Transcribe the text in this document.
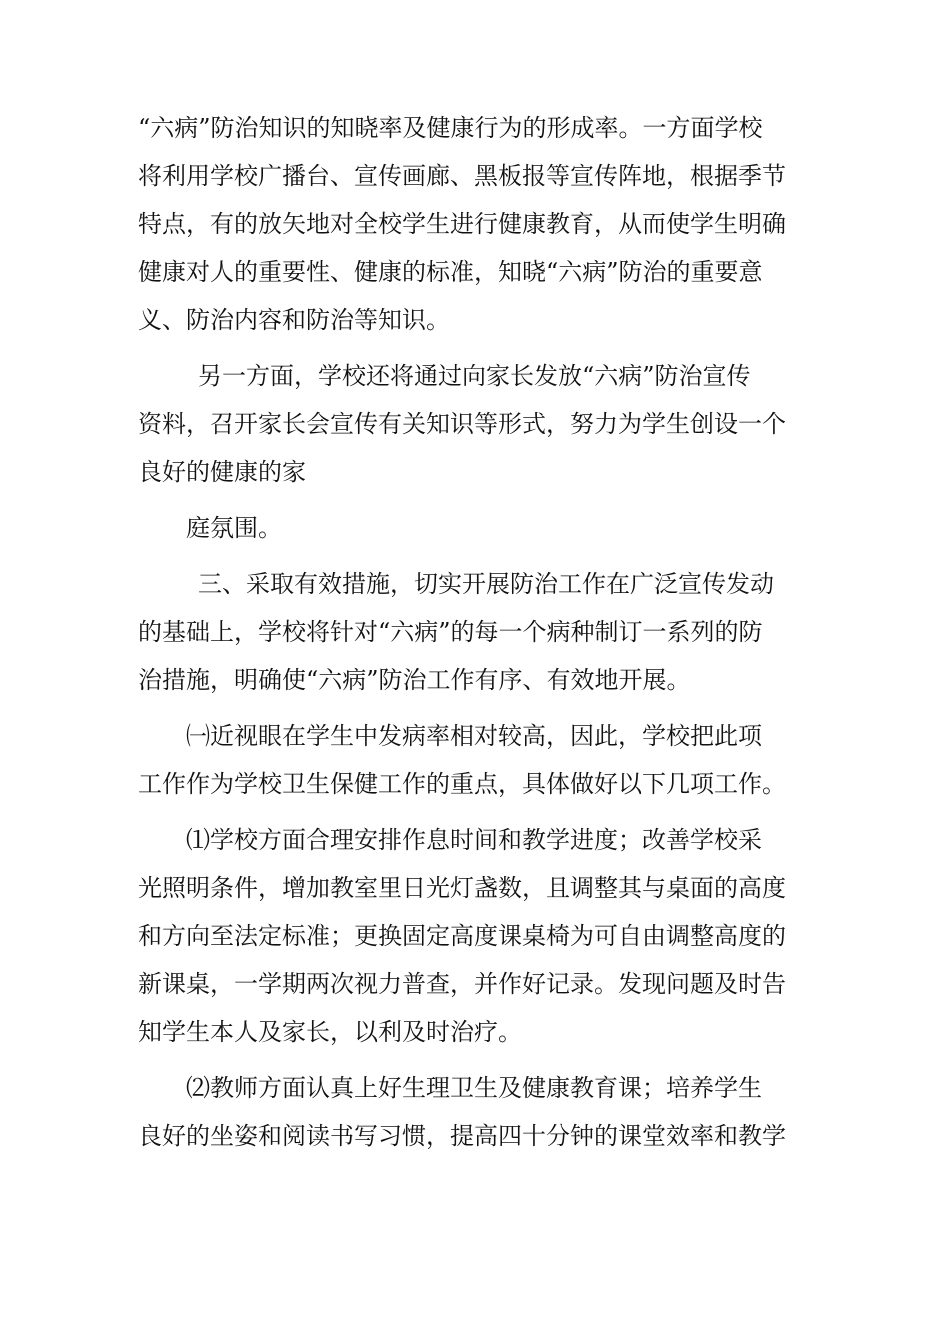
“六病”防治知识的知晓率及健康行为的形成率。一方面学校
将利用学校广播台、宣传画廊、黑板报等宣传阵地，根据季节
特点，有的放矢地对全校学生进行健康教育，从而使学生明确
健康对人的重要性、健康的标准，知晓“六病”防治的重要意
义、防治内容和防治等知识。
另一方面，学校还将通过向家长发放“六病”防治宣传
资料，召开家长会宣传有关知识等形式，努力为学生创设一个
良好的健康的家
庭氛围。
三、采取有效措施，切实开展防治工作在广泛宣传发动
的基础上，学校将针对“六病”的每一个病种制订一系列的防
治措施，明确使“六病”防治工作有序、有效地开展。
㈠近视眼在学生中发病率相对较高，因此，学校把此项
工作作为学校卫生保健工作的重点，具体做好以下几项工作。
⑴学校方面合理安排作息时间和教学进度；改善学校采
光照明条件，增加教室里日光灯盏数，且调整其与桌面的高度
和方向至法定标准；更换固定高度课桌椅为可自由调整高度的
新课桌，一学期两次视力普查，并作好记录。发现问题及时告
知学生本人及家长，以利及时治疗。
⑵教师方面认真上好生理卫生及健康教育课；培养学生
良好的坐姿和阅读书写习惯，提高四十分钟的课堂效率和教学
